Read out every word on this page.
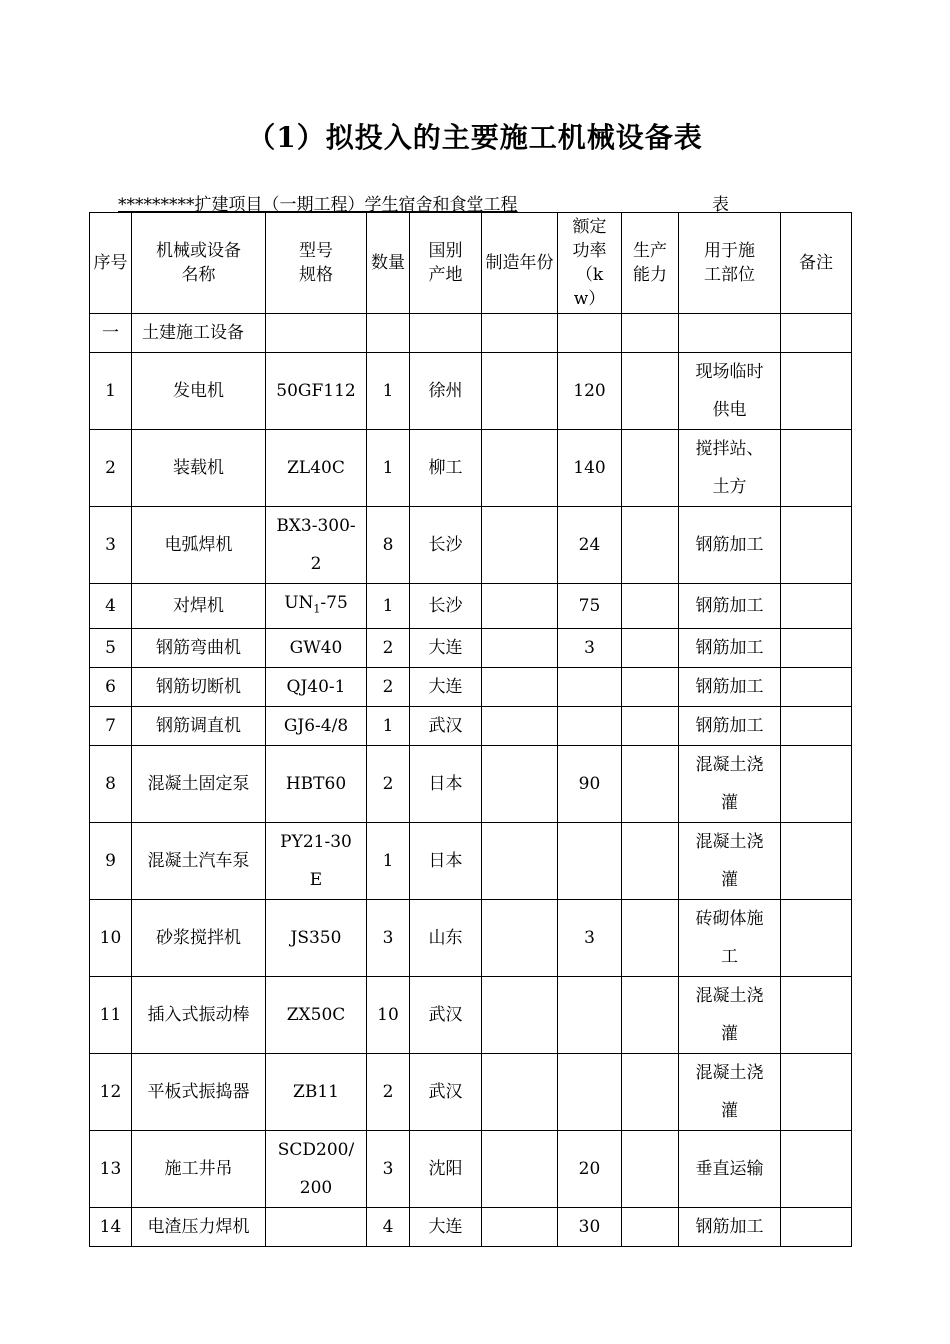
（1）拟投入的主要施工机械设备表
*********扩建项目（一期工程）学生宿舍和食堂工程	表
序号	机械或设备名称	型号规格	数量	国别产地	制造年份	额定功率（kw）	生产能力	用于施工部位	备注
一	土建施工设备								
1	发电机	50GF112	1	徐州		120		现场临时供电	
2	装载机	ZL40C	1	柳工		140		搅拌站、土方	
3	电弧焊机	BX3-300-2	8	长沙		24		钢筋加工	
4	对焊机	$UN_1-75$	1	长沙		75		钢筋加工	
5	钢筋弯曲机	GW40	2	大连		3		钢筋加工	
6	钢筋切断机	QJ40-1	2	大连				钢筋加工	
7	钢筋调直机	GJ6-4/8	1	武汉				钢筋加工	
8	混凝土固定泵	HBT60	2	日本		90		混凝土浇灌	
9	混凝土汽车泵	PY21-30E	1	日本				混凝土浇灌	
10	砂浆搅拌机	JS350	3	山东		3		砖砌体施工	
11	插入式振动棒	ZX50C	10	武汉				混凝土浇灌	
12	平板式振捣器	ZB11	2	武汉				混凝土浇灌	
13	施工井吊	SCD200/200	3	沈阳		20		垂直运输	
14	电渣压力焊机		4	大连		30		钢筋加工	
